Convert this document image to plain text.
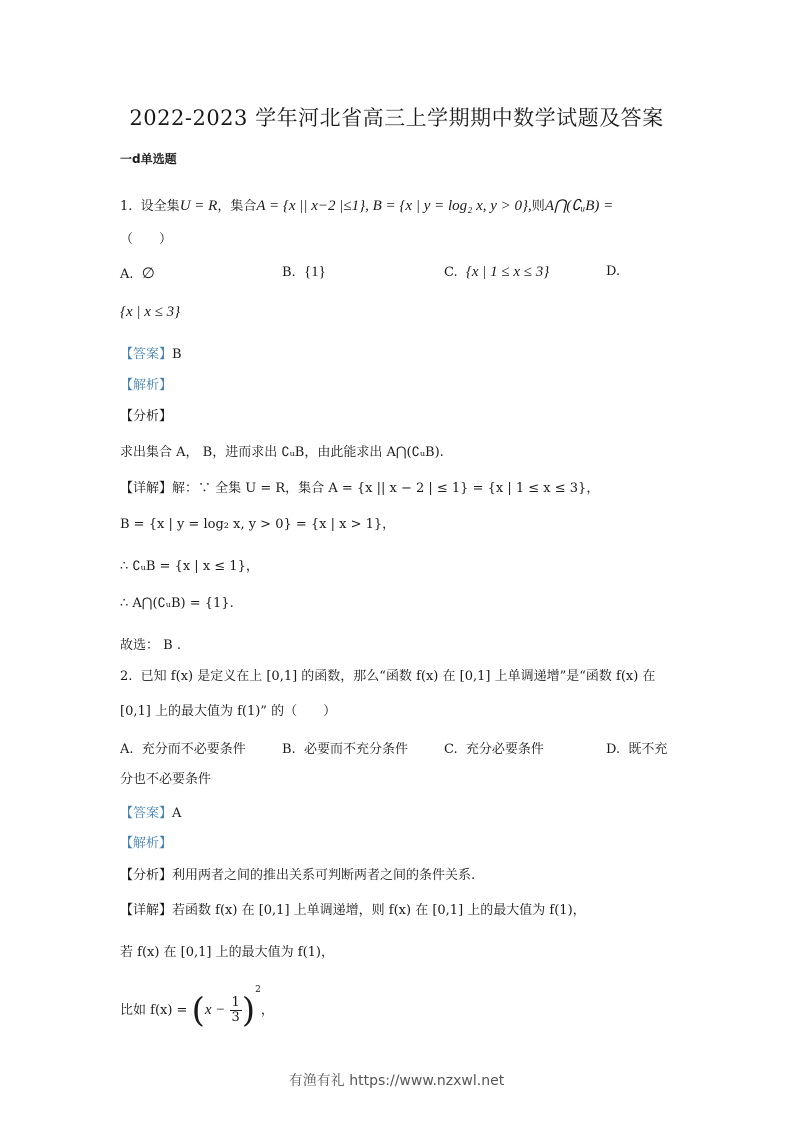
2022-2023 学年河北省高三上学期期中数学试题及答案
一d单选题
1. 设全集U = R，集合A = {x || x−2 |≤1}, B = {x | y = log₂ x, y > 0},则A⋂(∁ᵤB) =
（　　）
A. ∅	B. {1}	C. {x | 1 ≤ x ≤ 3}	D.
{x | x ≤ 3}
【答案】B
【解析】
【分析】
求出集合 A， B，进而求出 ∁ᵤB，由此能求出 A⋂(∁ᵤB).
【详解】解：∵ 全集 U = R，集合 A = {x || x − 2 | ≤ 1} = {x | 1 ≤ x ≤ 3}，
B = {x | y = log₂ x, y > 0} = {x | x > 1}，
∴ ∁ᵤB = {x | x ≤ 1}，
∴ A⋂(∁ᵤB) = {1}.
故选： B .
2. 已知 f(x) 是定义在上 [0,1] 的函数，那么“函数 f(x) 在 [0,1] 上单调递增”是“函数 f(x) 在
[0,1] 上的最大值为 f(1)” 的（　　）
A. 充分而不必要条件	B. 必要而不充分条件	C. 充分必要条件	D. 既不充
分也不必要条件
【答案】A
【解析】
【分析】利用两者之间的推出关系可判断两者之间的条件关系.
【详解】若函数 f(x) 在 [0,1] 上单调递增，则 f(x) 在 [0,1] 上的最大值为 f(1)，
若 f(x) 在 [0,1] 上的最大值为 f(1)，
比如 $f(x) = (x - \frac{1}{3} )^2$，
有渔有礼 https://www.nzxwl.net
